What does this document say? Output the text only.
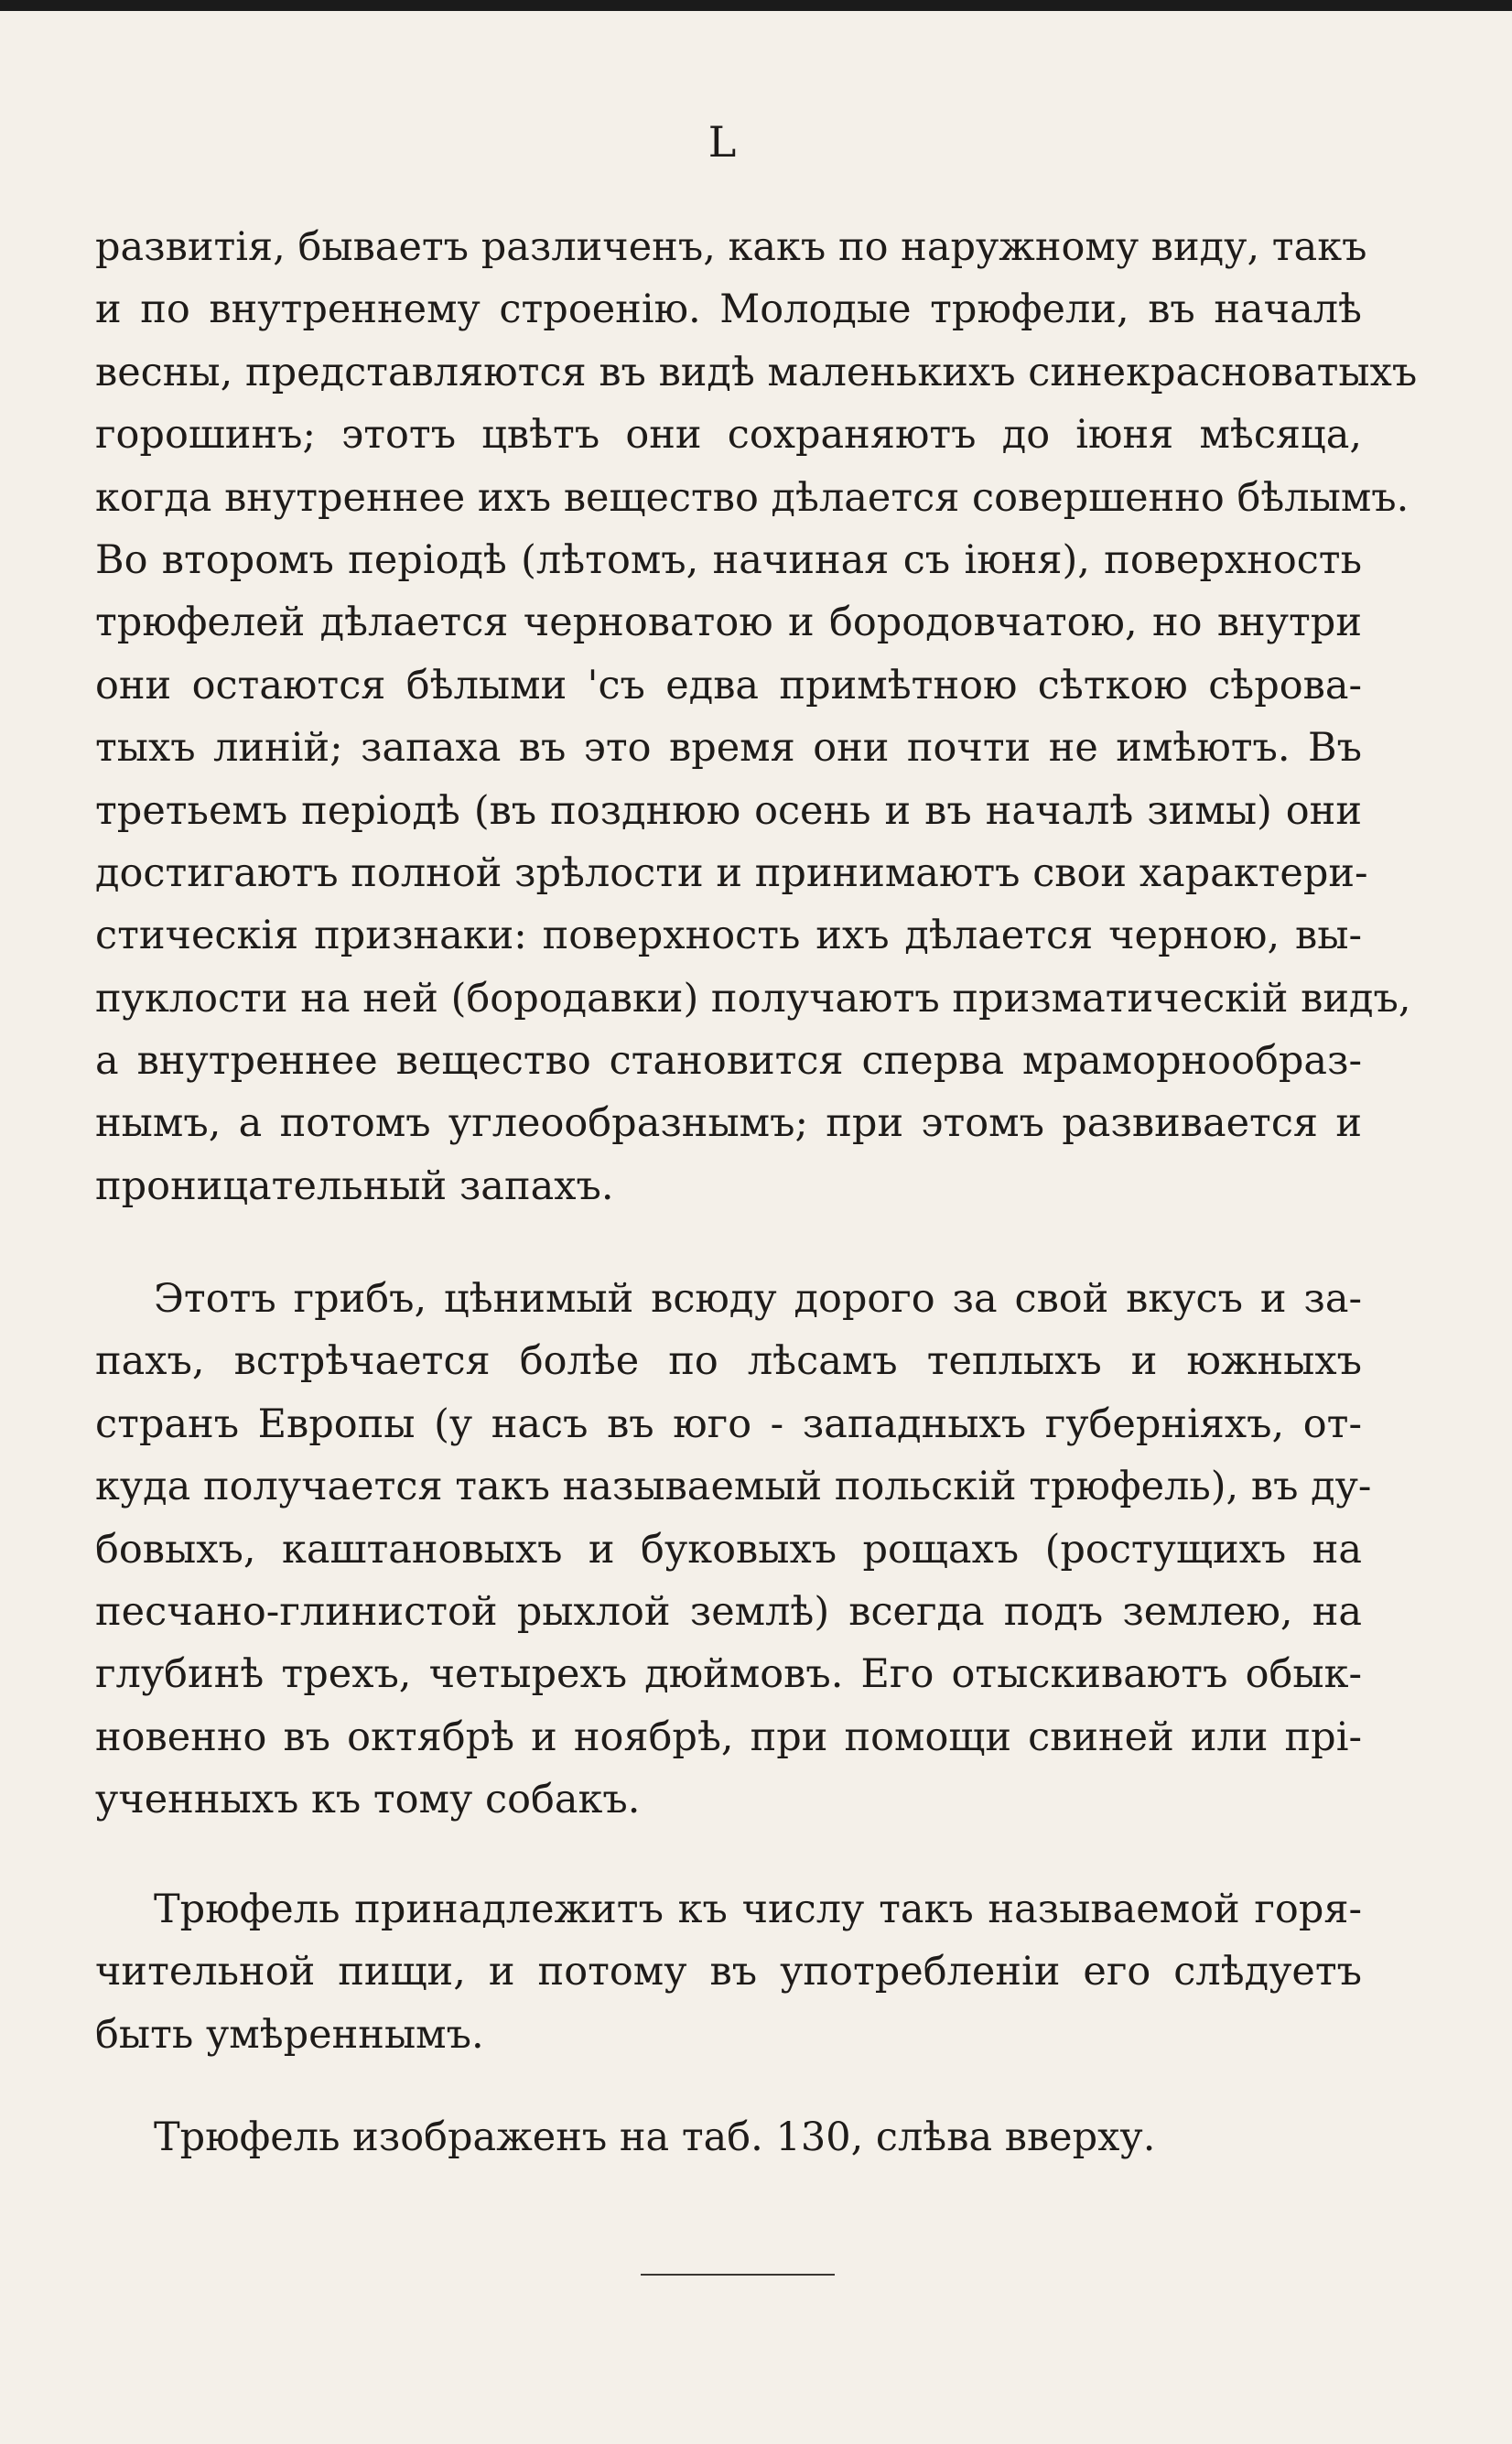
L
развитія, бываетъ различенъ, какъ по наружному виду, такъ
и по внутреннему строенію. Молодые трюфели, въ началѣ
весны, представляются въ видѣ маленькихъ синекрасноватыхъ
горошинъ; этотъ цвѣтъ они сохраняютъ до іюня мѣсяца,
когда внутреннее ихъ вещество дѣлается совершенно бѣлымъ.
Во второмъ періодѣ (лѣтомъ, начиная съ іюня), поверхность
трюфелей дѣлается черноватою и бородовчатою, но внутри
они остаются бѣлыми 'съ едва примѣтною сѣткою сѣрова-
тыхъ линій; запаха въ это время они почти не имѣютъ. Въ
третьемъ періодѣ (въ позднюю осень и въ началѣ зимы) они
достигаютъ полной зрѣлости и принимаютъ свои характери-
стическія признаки: поверхность ихъ дѣлается черною, вы-
пуклости на ней (бородавки) получаютъ призматическій видъ,
а внутреннее вещество становится сперва мраморнообраз-
нымъ, а потомъ углеообразнымъ; при этомъ развивается и
проницательный запахъ.
Этотъ грибъ, цѣнимый всюду дорого за свой вкусъ и за-
пахъ, встрѣчается болѣе по лѣсамъ теплыхъ и южныхъ
странъ Европы (у насъ въ юго - западныхъ губерніяхъ, от-
куда получается такъ называемый польскій трюфель), въ ду-
бовыхъ, каштановыхъ и буковыхъ рощахъ (ростущихъ на
песчано-глинистой рыхлой землѣ) всегда подъ землею, на
глубинѣ трехъ, четырехъ дюймовъ. Его отыскиваютъ обык-
новенно въ октябрѣ и ноябрѣ, при помощи свиней или прі-
ученныхъ къ тому собакъ.
Трюфель принадлежитъ къ числу такъ называемой горя-
чительной пищи, и потому въ употребленіи его слѣдуетъ
быть умѣреннымъ.
Трюфель изображенъ на таб. 130, слѣва вверху.
